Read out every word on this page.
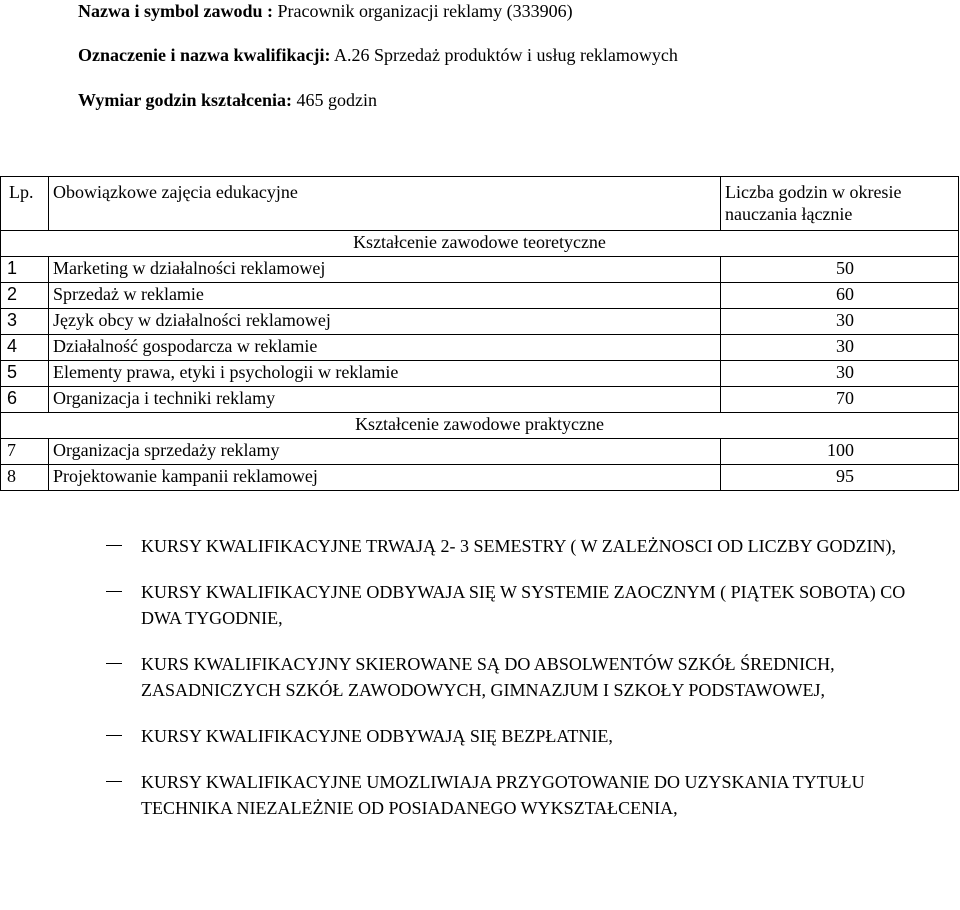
Nazwa i symbol zawodu : Pracownik organizacji reklamy (333906)
Oznaczenie i nazwa kwalifikacji: A.26 Sprzedaż produktów i usług reklamowych
Wymiar godzin kształcenia: 465 godzin
Lp.	Obowiązkowe zajęcia edukacyjne	Liczba godzin w okresie
nauczania łącznie

Kształcenie zawodowe teoretyczne		
1	Marketing w działalności reklamowej	50
2	Sprzedaż w reklamie	60
3	Język obcy w działalności reklamowej	30
4	Działalność gospodarcza w reklamie	30
5	Elementy prawa, etyki i psychologii w reklamie	30
6	Organizacja i techniki reklamy	70
Kształcenie zawodowe praktyczne		
7	Organizacja sprzedaży reklamy	100
8	Projektowanie kampanii reklamowej	95
KURSY KWALIFIKACYJNE TRWAJĄ 2- 3 SEMESTRY ( W ZALEŻNOSCI OD LICZBY GODZIN),
KURSY KWALIFIKACYJNE ODBYWAJA SIĘ W SYSTEMIE ZAOCZNYM ( PIĄTEK SOBOTA) CO DWA TYGODNIE,
KURS KWALIFIKACYJNY SKIEROWANE SĄ DO ABSOLWENTÓW SZKÓŁ ŚREDNICH, ZASADNICZYCH SZKÓŁ ZAWODOWYCH, GIMNAZJUM I SZKOŁY PODSTAWOWEJ,
KURSY KWALIFIKACYJNE ODBYWAJĄ SIĘ BEZPŁATNIE,
KURSY KWALIFIKACYJNE UMOZLIWIAJA PRZYGOTOWANIE DO UZYSKANIA TYTUŁU TECHNIKA NIEZALEŻNIE OD POSIADANEGO WYKSZTAŁCENIA,
